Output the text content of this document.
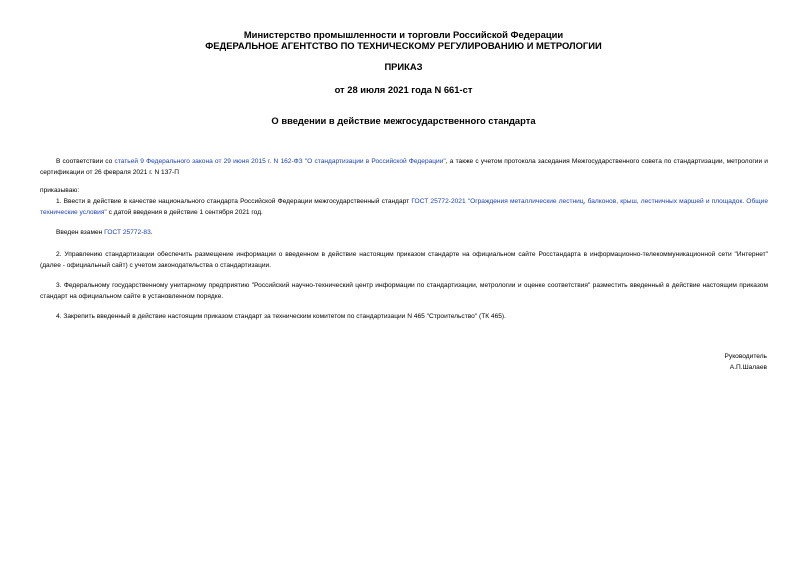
Министерство промышленности и торговли Российской Федерации
ФЕДЕРАЛЬНОЕ АГЕНТСТВО ПО ТЕХНИЧЕСКОМУ РЕГУЛИРОВАНИЮ И МЕТРОЛОГИИ
ПРИКАЗ
от 28 июля 2021 года N 661-ст
О введении в действие межгосударственного стандарта
В соответствии со статьей 9 Федерального закона от 29 июня 2015 г. N 162-ФЗ "О стандартизации в Российской Федерации", а также с учетом протокола заседания Межгосударственного совета по стандартизации, метрологии и сертификации от 26 февраля 2021 г. N 137-П
приказываю:
1. Ввести в действие в качестве национального стандарта Российской Федерации межгосударственный стандарт ГОСТ 25772-2021 "Ограждения металлические лестниц, балконов, крыш, лестничных маршей и площадок. Общие технические условия" с датой введения в действие 1 сентября 2021 год.
Введен взамен ГОСТ 25772-83.
2. Управлению стандартизации обеспечить размещение информации о введенном в действие настоящим приказом стандарте на официальном сайте Росстандарта в информационно-телекоммуникационной сети "Интернет" (далее - официальный сайт) с учетом законодательства о стандартизации.
3. Федеральному государственному унитарному предприятию "Российский научно-технический центр информации по стандартизации, метрологии и оценке соответствия" разместить введенный в действие настоящим приказом стандарт на официальном сайте в установленном порядке.
4. Закрепить введенный в действие настоящим приказом стандарт за техническим комитетом по стандартизации N 465 "Строительство" (ТК 465).
Руководитель
А.П.Шалаев
